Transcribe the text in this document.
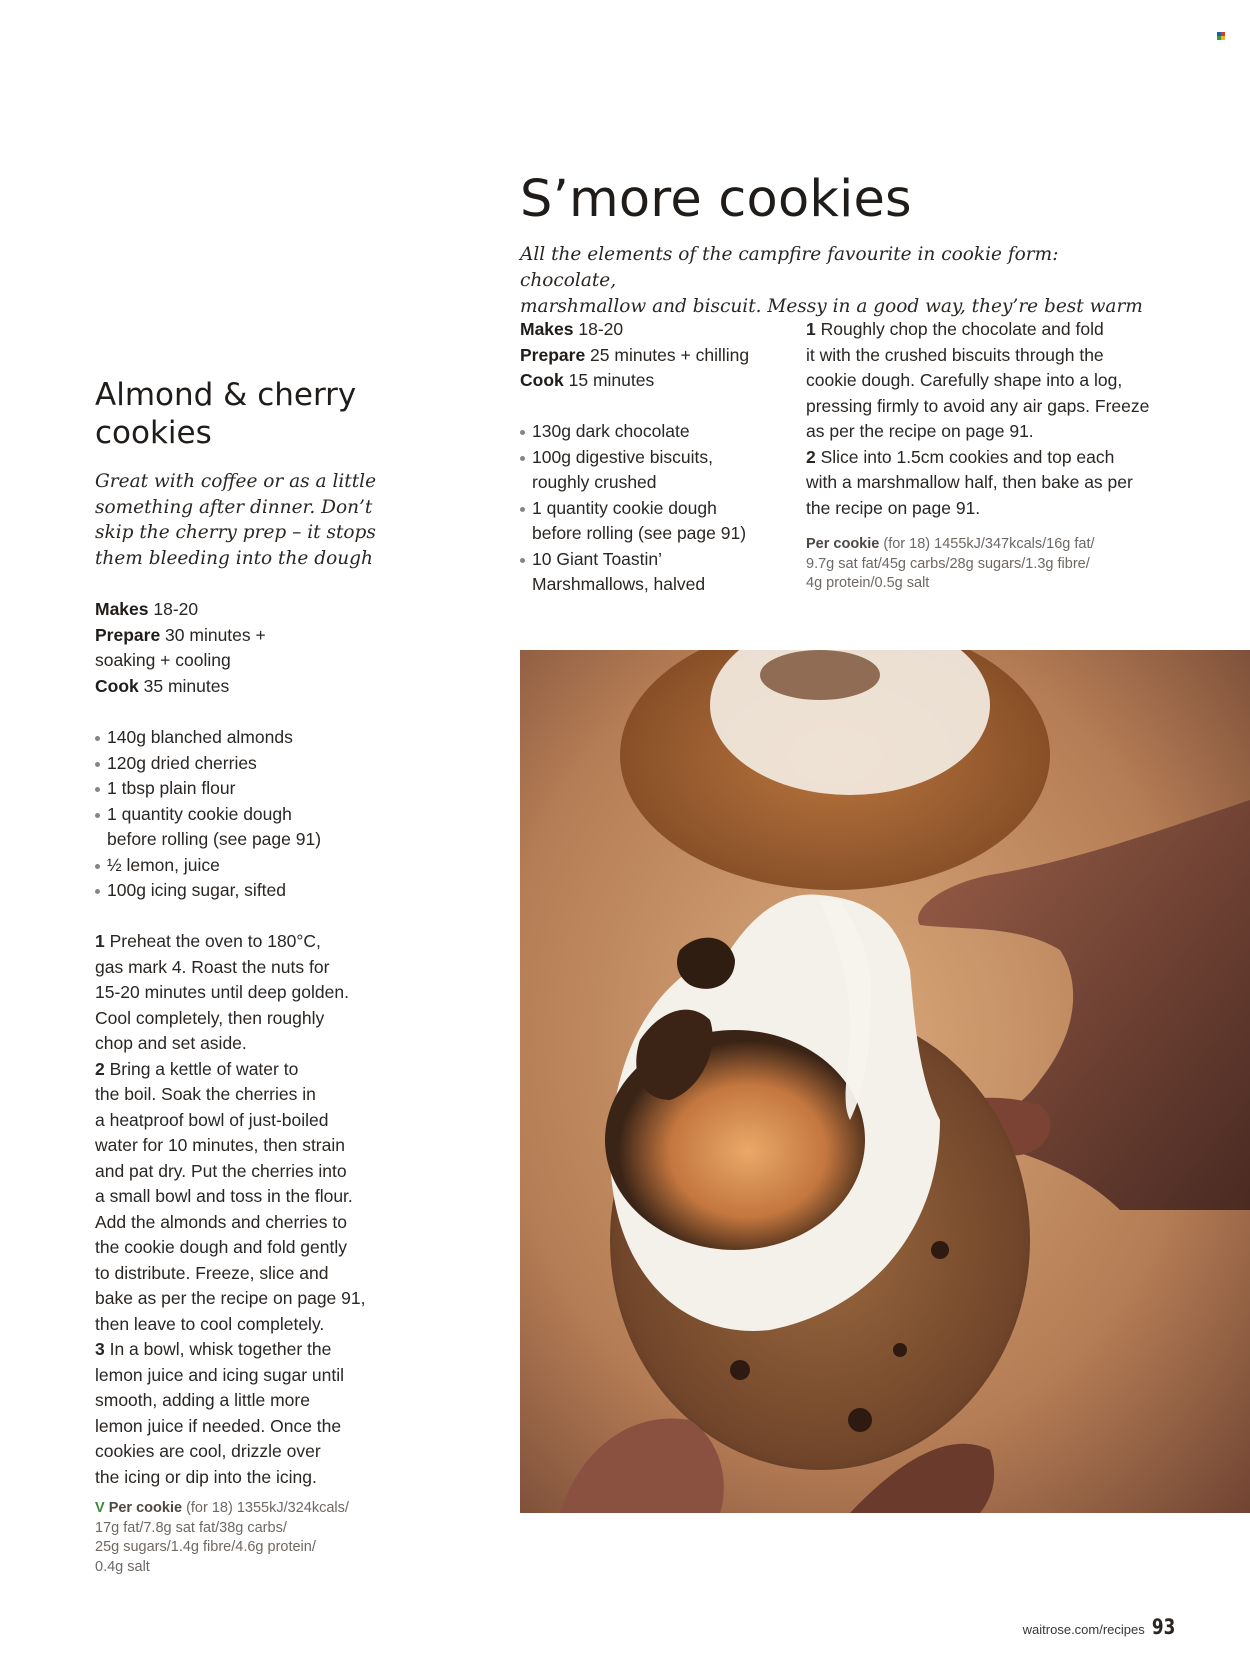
S’more cookies
All the elements of the campfire favourite in cookie form: chocolate,
marshmallow and biscuit. Messy in a good way, they’re best warm
Makes 18-20
Prepare 25 minutes + chilling
Cook 15 minutes
130g dark chocolate
100g digestive biscuits,
roughly crushed
1 quantity cookie dough
before rolling (see page 91)
10 Giant Toastin’
Marshmallows, halved

1 Roughly chop the chocolate and fold
it with the crushed biscuits through the
cookie dough. Carefully shape into a log,
pressing firmly to avoid any air gaps. Freeze
as per the recipe on page 91.

2 Slice into 1.5cm cookies and top each
with a marshmallow half, then bake as per
the recipe on page 91.

Per cookie (for 18) 1455kJ/347kcals/16g fat/
9.7g sat fat/45g carbs/28g sugars/1.3g fibre/
4g protein/0.5g salt
Almond & cherry
cookies
Great with coffee or as a little
something after dinner. Don’t
skip the cherry prep – it stops
them bleeding into the dough
Makes 18-20
Prepare 30 minutes +
soaking + cooling
Cook 35 minutes
140g blanched almonds
120g dried cherries
1 tbsp plain flour
1 quantity cookie dough
before rolling (see page 91)
½ lemon, juice
100g icing sugar, sifted

1 Preheat the oven to 180°C,
gas mark 4. Roast the nuts for
15-20 minutes until deep golden.
Cool completely, then roughly
chop and set aside.

2 Bring a kettle of water to
the boil. Soak the cherries in
a heatproof bowl of just-boiled
water for 10 minutes, then strain
and pat dry. Put the cherries into
a small bowl and toss in the flour.
Add the almonds and cherries to
the cookie dough and fold gently
to distribute. Freeze, slice and
bake as per the recipe on page 91,
then leave to cool completely.

3 In a bowl, whisk together the
lemon juice and icing sugar until
smooth, adding a little more
lemon juice if needed. Once the
cookies are cool, drizzle over
the icing or dip into the icing.

V Per cookie (for 18) 1355kJ/324kcals/
17g fat/7.8g sat fat/38g carbs/
25g sugars/1.4g fibre/4.6g protein/
0.4g salt
waitrose.com/recipes 93
